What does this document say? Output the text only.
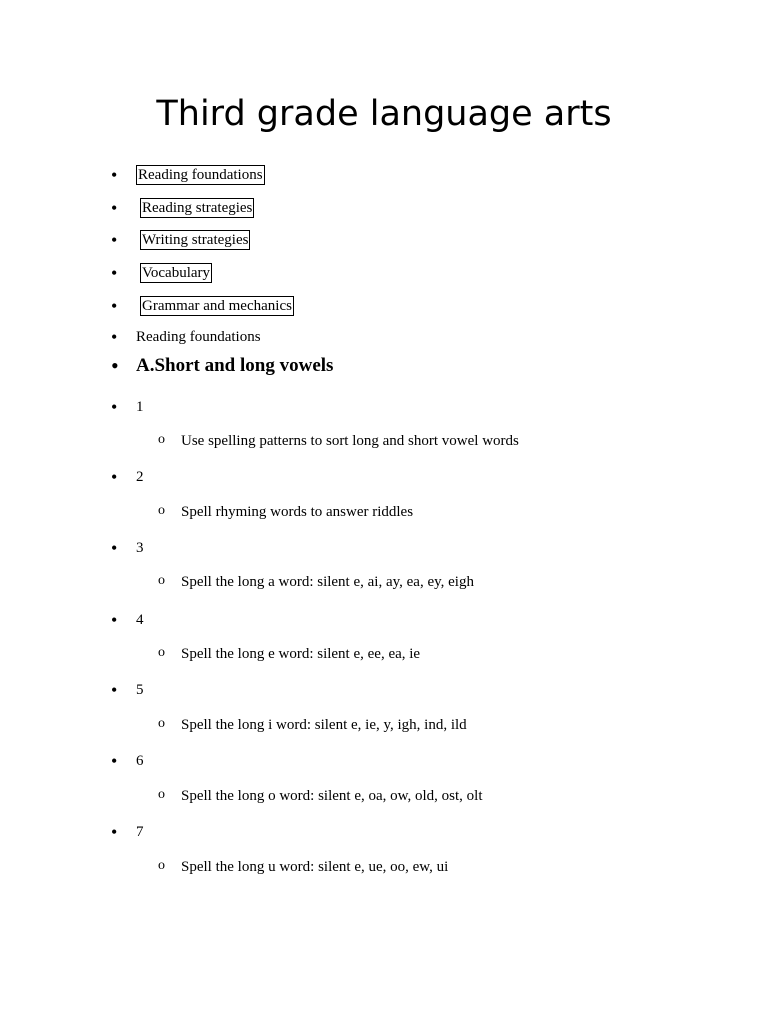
Third grade language arts
• Reading foundations
• Reading strategies
• Writing strategies
• Vocabulary
• Grammar and mechanics
• Reading foundations
• A.Short and long vowels
• 1
o Use spelling patterns to sort long and short vowel words
• 2
o Spell rhyming words to answer riddles
• 3
o Spell the long a word: silent e, ai, ay, ea, ey, eigh
• 4
o Spell the long e word: silent e, ee, ea, ie
• 5
o Spell the long i word: silent e, ie, y, igh, ind, ild
• 6
o Spell the long o word: silent e, oa, ow, old, ost, olt
• 7
o Spell the long u word: silent e, ue, oo, ew, ui
